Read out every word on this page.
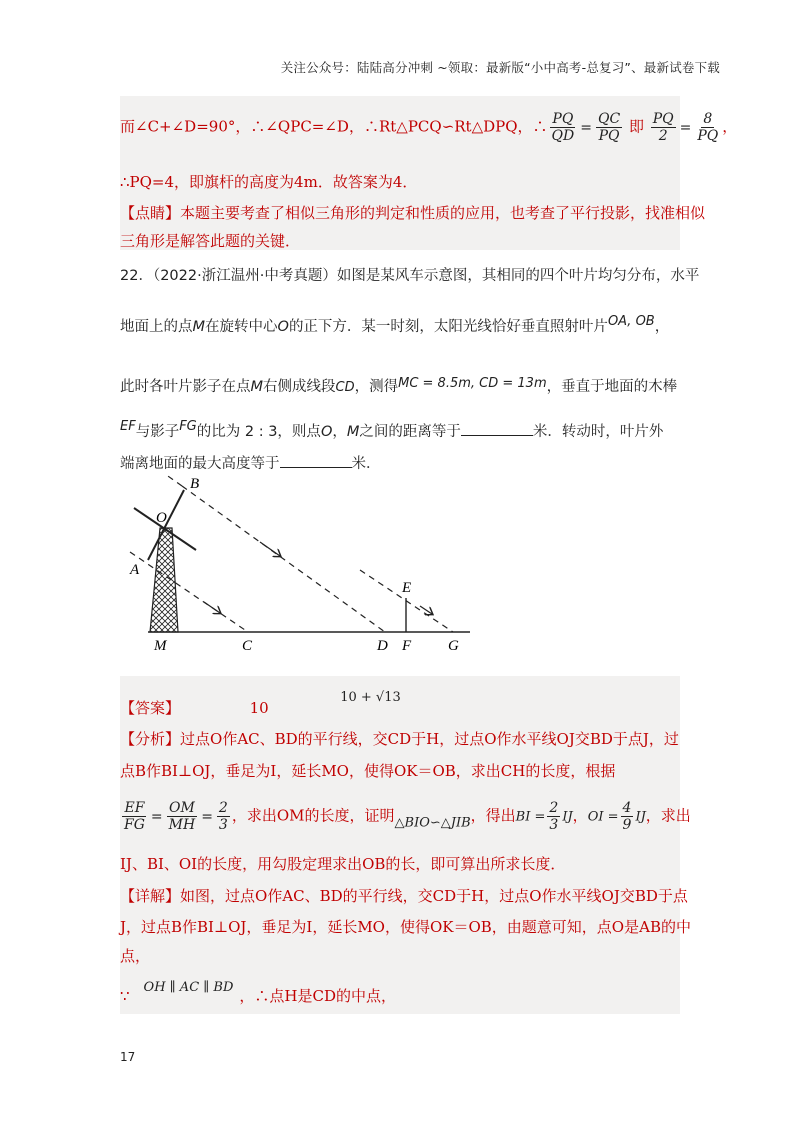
关注公众号：陆陆高分冲刺 ~领取：最新版“小中高考-总复习”、最新试卷下载
而∠C+∠D=90°，∴∠QPC=∠D，∴Rt△PCQ∽Rt△DPQ，∴ $\frac{PQ}{QD} = \frac{QC}{PQ}$ 即 $\frac{PQ}{2} = \frac{8}{PQ}$ ，
∴PQ=4，即旗杆的高度为4m．故答案为4．
【点睛】本题主要考查了相似三角形的判定和性质的应用，也考查了平行投影，找准相似
三角形是解答此题的关键．
22．（2022·浙江温州·中考真题）如图是某风车示意图，其相同的四个叶片均匀分布，水平
地面上的点M在旋转中心O的正下方．某一时刻，太阳光线恰好垂直照射叶片OA, OB，
此时各叶片影子在点M右侧成线段CD，测得MC = 8.5m, CD = 13m，垂直于地面的木棒
EF与影子FG的比为 2 : 3，则点O，M之间的距离等于	米．转动时，叶片外
端离地面的最大高度等于	米．
B
O
A
E
M	C	D F G
【答案】	10  10 + √13
【分析】过点O作AC、BD的平行线，交CD于H，过点O作水平线OJ交BD于点J，过
点B作BI⊥OJ，垂足为I，延长MO，使得OK＝OB，求出CH的长度，根据
$\frac{EF}{FG} = \frac{OM}{MH} = \frac{2}{3}$ ，求出OM的长度，证明△BIO∽△JIB，得出BI = $\frac{2}{3}$ IJ，OI = $\frac{4}{9}$ IJ，求出
IJ、BI、OI的长度，用勾股定理求出OB的长，即可算出所求长度．
【详解】如图，过点O作AC、BD的平行线，交CD于H，过点O作水平线OJ交BD于点
J，过点B作BI⊥OJ，垂足为I，延长MO，使得OK＝OB，由题意可知，点O是AB的中
点，
∵ OH ∥ AC ∥ BD ，∴点H是CD的中点，
17
